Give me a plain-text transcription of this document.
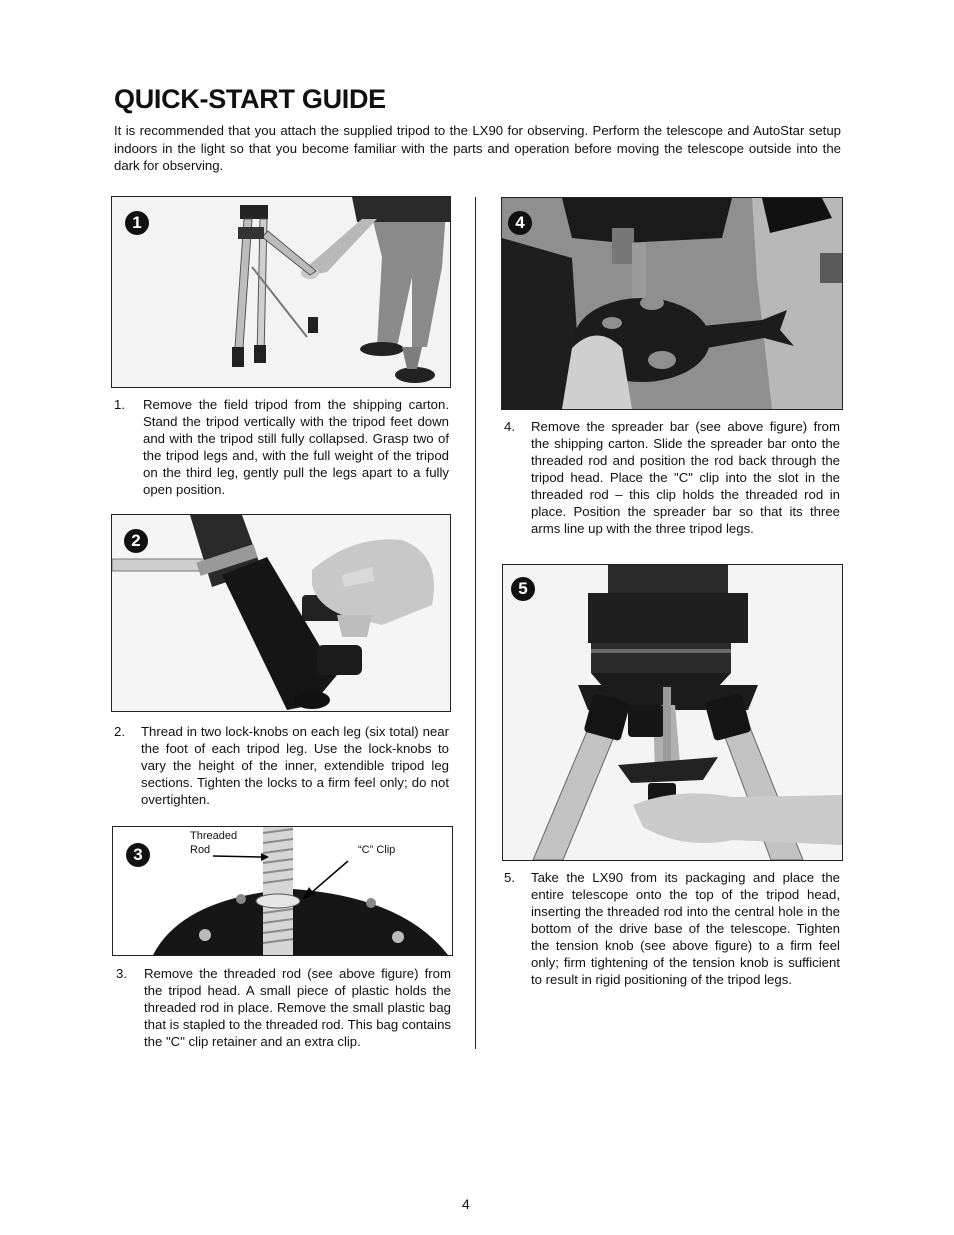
QUICK-START GUIDE

It is recommended that you attach the supplied tripod to the LX90 for observing. Perform the telescope and AutoStar setup indoors in the light so that you become familiar with the parts and operation before moving the telescope outside into the dark for observing.

1
1. Remove the field tripod from the shipping carton. Stand the tripod vertically with the tripod feet down and with the tripod still fully collapsed. Grasp two of the tripod legs and, with the full weight of the tripod on the third leg, gently pull the legs apart to a fully open position.
2
2. Thread in two lock-knobs on each leg (six total) near the foot of each tripod leg. Use the lock-knobs to vary the height of the inner, extendible tripod leg sections. Tighten the locks to a firm feel only; do not overtighten.
Threaded
Rod	“C” Clip
3
3. Remove the threaded rod (see above figure) from the tripod head. A small piece of plastic holds the threaded rod in place. Remove the small plastic bag that is stapled to the threaded rod. This bag contains the "C" clip retainer and an extra clip.
4
4. Remove the spreader bar (see above figure) from the shipping carton. Slide the spreader bar onto the threaded rod and position the rod back through the tripod head. Place the "C" clip into the slot in the threaded rod – this clip holds the threaded rod in place. Position the spreader bar so that its three arms line up with the three tripod legs.
5
5. Take the LX90 from its packaging and place the entire telescope onto the top of the tripod head, inserting the threaded rod into the central hole in the bottom of the drive base of the telescope. Tighten the tension knob (see above figure) to a firm feel only; firm tightening of the tension knob is sufficient to result in rigid positioning of the tripod legs.
4
